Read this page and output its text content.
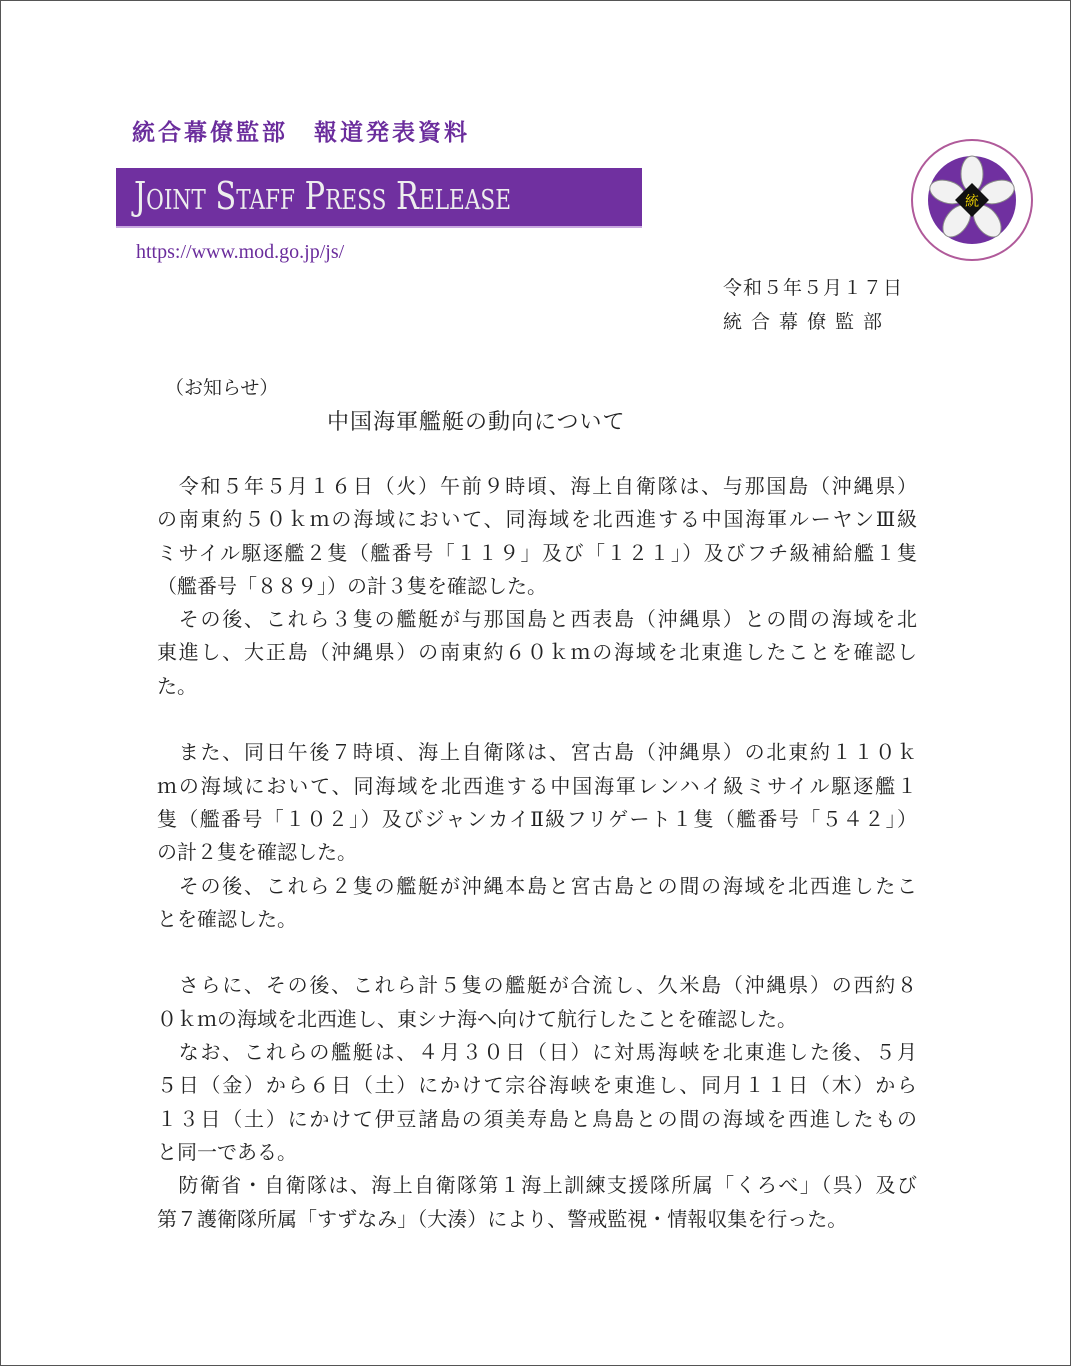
統合幕僚監部　報道発表資料
Joint Staff Press Release
https://www.mod.go.jp/js/
統
令和５年５月１７日
統合幕僚監部
（お知らせ）
中国海軍艦艇の動向について
　令和５年５月１６日（火）午前９時頃、海上自衛隊は、与那国島（沖縄県）
の南東約５０ｋｍの海域において、同海域を北西進する中国海軍ルーヤンⅢ級
ミサイル駆逐艦２隻（艦番号「１１９」及び「１２１」）及びフチ級補給艦１隻
（艦番号「８８９」）の計３隻を確認した。
　その後、これら３隻の艦艇が与那国島と西表島（沖縄県）との間の海域を北
東進し、大正島（沖縄県）の南東約６０ｋｍの海域を北東進したことを確認し
た。
　また、同日午後７時頃、海上自衛隊は、宮古島（沖縄県）の北東約１１０ｋ
ｍの海域において、同海域を北西進する中国海軍レンハイ級ミサイル駆逐艦１
隻（艦番号「１０２」）及びジャンカイⅡ級フリゲート１隻（艦番号「５４２」）
の計２隻を確認した。
　その後、これら２隻の艦艇が沖縄本島と宮古島との間の海域を北西進したこ
とを確認した。
　さらに、その後、これら計５隻の艦艇が合流し、久米島（沖縄県）の西約８
０ｋｍの海域を北西進し、東シナ海へ向けて航行したことを確認した。
　なお、これらの艦艇は、４月３０日（日）に対馬海峡を北東進した後、５月
５日（金）から６日（土）にかけて宗谷海峡を東進し、同月１１日（木）から
１３日（土）にかけて伊豆諸島の須美寿島と鳥島との間の海域を西進したもの
と同一である。
　防衛省・自衛隊は、海上自衛隊第１海上訓練支援隊所属「くろべ」（呉）及び
第７護衛隊所属「すずなみ」（大湊）により、警戒監視・情報収集を行った。
